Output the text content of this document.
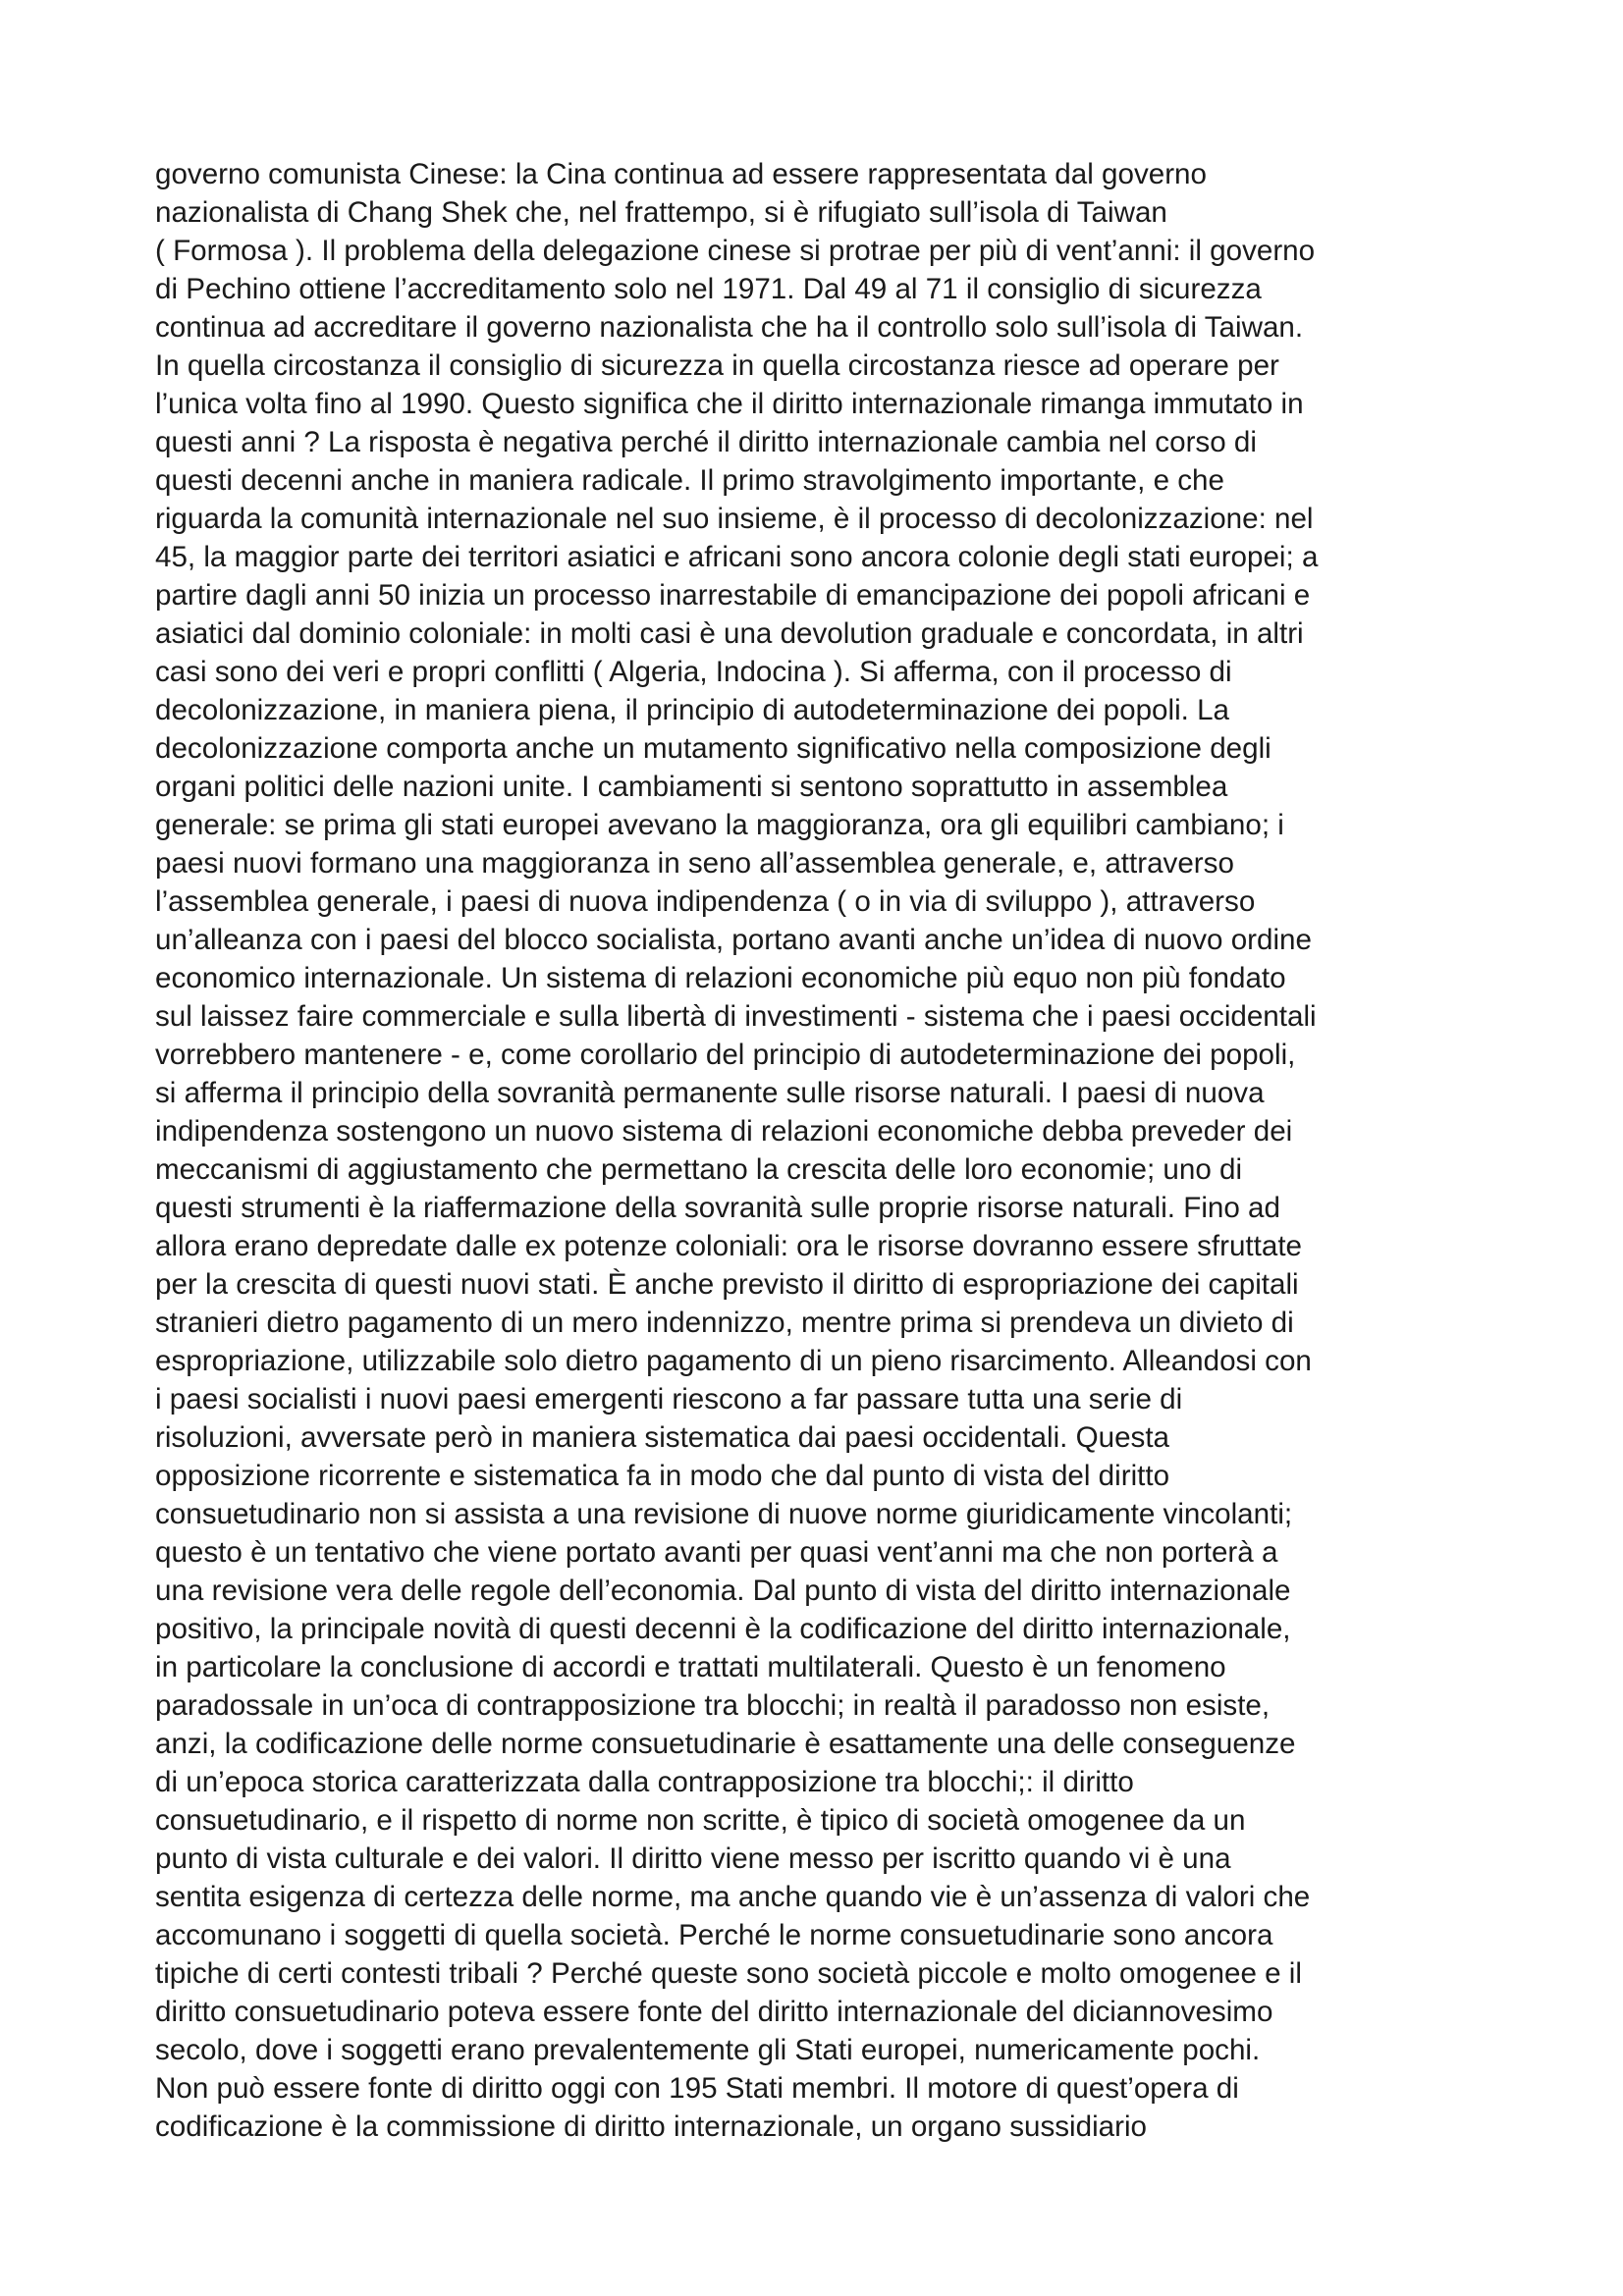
governo comunista Cinese: la Cina continua ad essere rappresentata dal governo
nazionalista di Chang Shek che, nel frattempo, si è rifugiato sull’isola di Taiwan
( Formosa ). Il problema della delegazione cinese si protrae per più di vent’anni: il governo
di Pechino ottiene l’accreditamento solo nel 1971. Dal 49 al 71 il consiglio di sicurezza
continua ad accreditare il governo nazionalista che ha il controllo solo sull’isola di Taiwan.
In quella circostanza il consiglio di sicurezza in quella circostanza riesce ad operare per
l’unica volta fino al 1990. Questo significa che il diritto internazionale rimanga immutato in
questi anni ? La risposta è negativa perché il diritto internazionale cambia nel corso di
questi decenni anche in maniera radicale. Il primo stravolgimento importante, e che
riguarda la comunità internazionale nel suo insieme, è il processo di decolonizzazione: nel
45, la maggior parte dei territori asiatici e africani sono ancora colonie degli stati europei; a
partire dagli anni 50 inizia un processo inarrestabile di emancipazione dei popoli africani e
asiatici dal dominio coloniale: in molti casi è una devolution graduale e concordata, in altri
casi sono dei veri e propri conflitti ( Algeria, Indocina ). Si afferma, con il processo di
decolonizzazione, in maniera piena, il principio di autodeterminazione dei popoli. La
decolonizzazione comporta anche un mutamento significativo nella composizione degli
organi politici delle nazioni unite. I cambiamenti si sentono soprattutto in assemblea
generale: se prima gli stati europei avevano la maggioranza, ora gli equilibri cambiano; i
paesi nuovi formano una maggioranza in seno all’assemblea generale, e, attraverso
l’assemblea generale, i paesi di nuova indipendenza ( o in via di sviluppo ), attraverso
un’alleanza con i paesi del blocco socialista, portano avanti anche un’idea di nuovo ordine
economico internazionale. Un sistema di relazioni economiche più equo non più fondato
sul laissez faire commerciale e sulla libertà di investimenti - sistema che i paesi occidentali
vorrebbero mantenere - e, come corollario del principio di autodeterminazione dei popoli,
si afferma il principio della sovranità permanente sulle risorse naturali. I paesi di nuova
indipendenza sostengono un nuovo sistema di relazioni economiche debba preveder dei
meccanismi di aggiustamento che permettano la crescita delle loro economie; uno di
questi strumenti è la riaffermazione della sovranità sulle proprie risorse naturali. Fino ad
allora erano depredate dalle ex potenze coloniali: ora le risorse dovranno essere sfruttate
per la crescita di questi nuovi stati. È anche previsto il diritto di espropriazione dei capitali
stranieri dietro pagamento di un mero indennizzo, mentre prima si prendeva un divieto di
espropriazione, utilizzabile solo dietro pagamento di un pieno risarcimento. Alleandosi con
i paesi socialisti i nuovi paesi emergenti riescono a far passare tutta una serie di
risoluzioni, avversate però in maniera sistematica dai paesi occidentali. Questa
opposizione ricorrente e sistematica fa in modo che dal punto di vista del diritto
consuetudinario non si assista a una revisione di nuove norme giuridicamente vincolanti;
questo è un tentativo che viene portato avanti per quasi vent’anni ma che non porterà a
una revisione vera delle regole dell’economia. Dal punto di vista del diritto internazionale
positivo, la principale novità di questi decenni è la codificazione del diritto internazionale,
in particolare la conclusione di accordi e trattati multilaterali. Questo è un fenomeno
paradossale in un’oca di contrapposizione tra blocchi; in realtà il paradosso non esiste,
anzi, la codificazione delle norme consuetudinarie è esattamente una delle conseguenze
di un’epoca storica caratterizzata dalla contrapposizione tra blocchi;: il diritto
consuetudinario, e il rispetto di norme non scritte, è tipico di società omogenee da un
punto di vista culturale e dei valori. Il diritto viene messo per iscritto quando vi è una
sentita esigenza di certezza delle norme, ma anche quando vie è un’assenza di valori che
accomunano i soggetti di quella società. Perché le norme consuetudinarie sono ancora
tipiche di certi contesti tribali ? Perché queste sono società piccole e molto omogenee e il
diritto consuetudinario poteva essere fonte del diritto internazionale del diciannovesimo
secolo, dove i soggetti erano prevalentemente gli Stati europei, numericamente pochi.
Non può essere fonte di diritto oggi con 195 Stati membri. Il motore di quest’opera di
codificazione è la commissione di diritto internazionale, un organo sussidiario
